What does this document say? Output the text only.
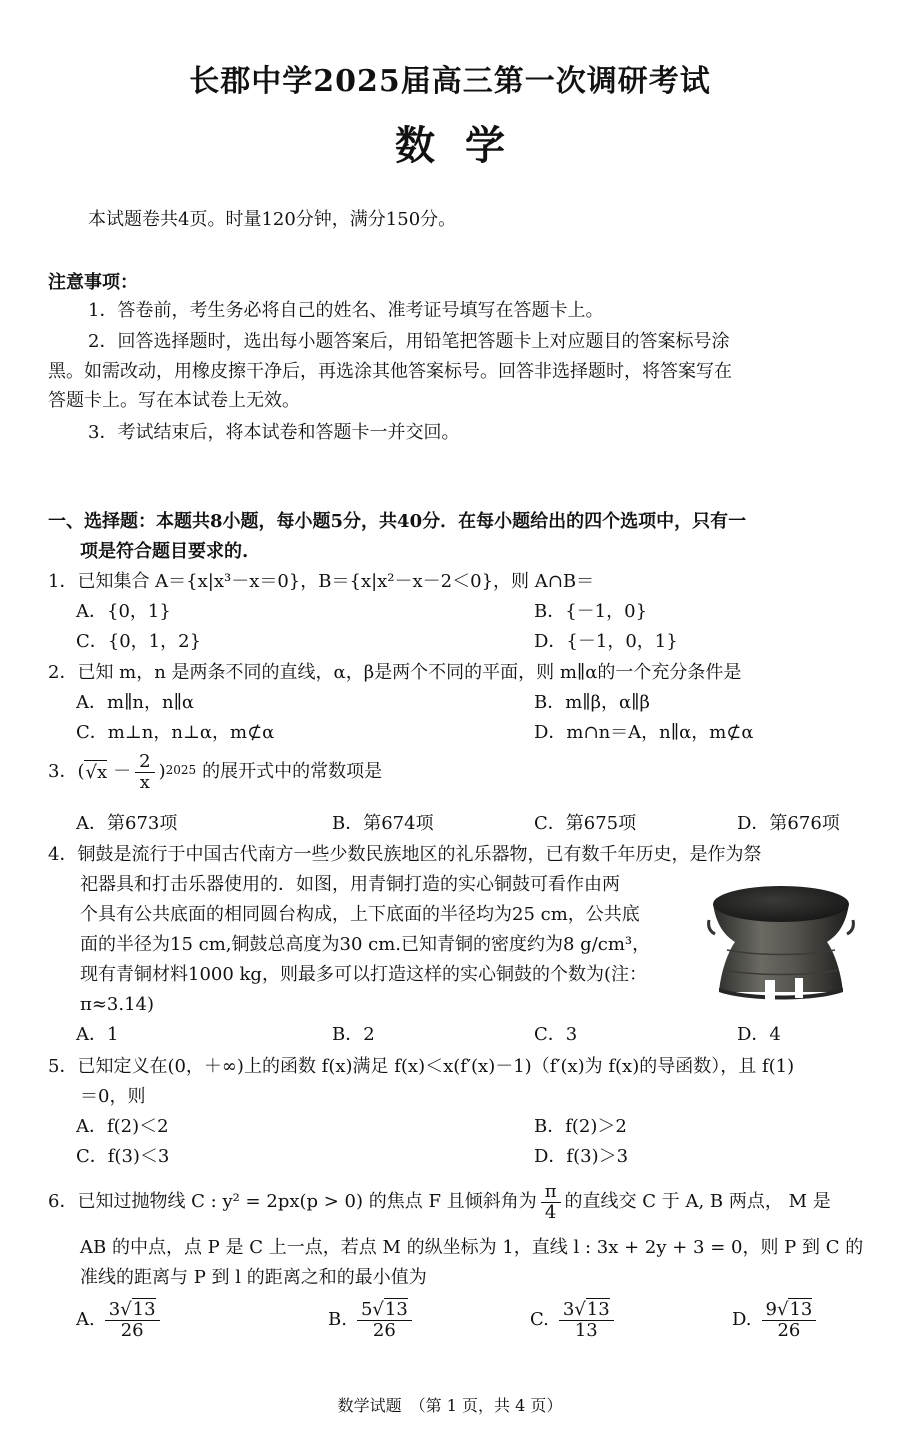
长郡中学2025届高三第一次调研考试
数学
本试题卷共4页。时量120分钟，满分150分。
注意事项：
1．答卷前，考生务必将自己的姓名、准考证号填写在答题卡上。
2．回答选择题时，选出每小题答案后，用铅笔把答题卡上对应题目的答案标号涂
黑。如需改动，用橡皮擦干净后，再选涂其他答案标号。回答非选择题时，将答案写在
答题卡上。写在本试卷上无效。
3．考试结束后，将本试卷和答题卡一并交回。
一、选择题：本题共8小题，每小题5分，共40分．在每小题给出的四个选项中，只有一
项是符合题目要求的.
1．已知集合 A＝{x|x³－x＝0}，B＝{x|x²－x－2＜0}，则 A∩B＝
A．{0，1}	B．{－1，0}
C．{0，1，2}	D．{－1，0，1}
2．已知 m，n 是两条不同的直线，α，β是两个不同的平面，则 m∥α的一个充分条件是
A．m∥n，n∥α	B．m∥β，α∥β
C．m⊥n，n⊥α，m⊄α	D．m∩n＝A，n∥α，m⊄α
3．( $√x - \frac{2}{x}$ ) 2025 的展开式中的常数项是
A．第673项	B．第674项	C．第675项	D．第676项
4．铜鼓是流行于中国古代南方一些少数民族地区的礼乐器物，已有数千年历史，是作为祭
祀器具和打击乐器使用的．如图，用青铜打造的实心铜鼓可看作由两
个具有公共底面的相同圆台构成，上下底面的半径均为25 cm，公共底
面的半径为15 cm,铜鼓总高度为30 cm.已知青铜的密度约为8 g/cm³，
现有青铜材料1000 kg，则最多可以打造这样的实心铜鼓的个数为(注：
π≈3.14)
A．1	B．2	C．3	D．4
5．已知定义在(0，＋∞)上的函数 f(x)满足 f(x)＜x(f′(x)－1)（f′(x)为 f(x)的导函数），且 f(1)
＝0，则
A．f(2)＜2	B．f(2)＞2
C．f(3)＜3	D．f(3)＞3
6．已知过抛物线 C : y² = 2px(p > 0) 的焦点 F 且倾斜角为 $\frac{\pi}{4}$ 的直线交 C 于 A, B 两点， M 是
AB 的中点，点 P 是 C 上一点，若点 M 的纵坐标为 1，直线 l : 3x + 2y + 3 = 0，则 P 到 C 的
准线的距离与 P 到 l 的距离之和的最小值为
A. $\frac{3√13}{26}$	B. $\frac{5√13}{26}$	C. $\frac{3√13}{13}$	D. $\frac{9√13}{26}$
数学试题　（第 1 页，共 4 页）
